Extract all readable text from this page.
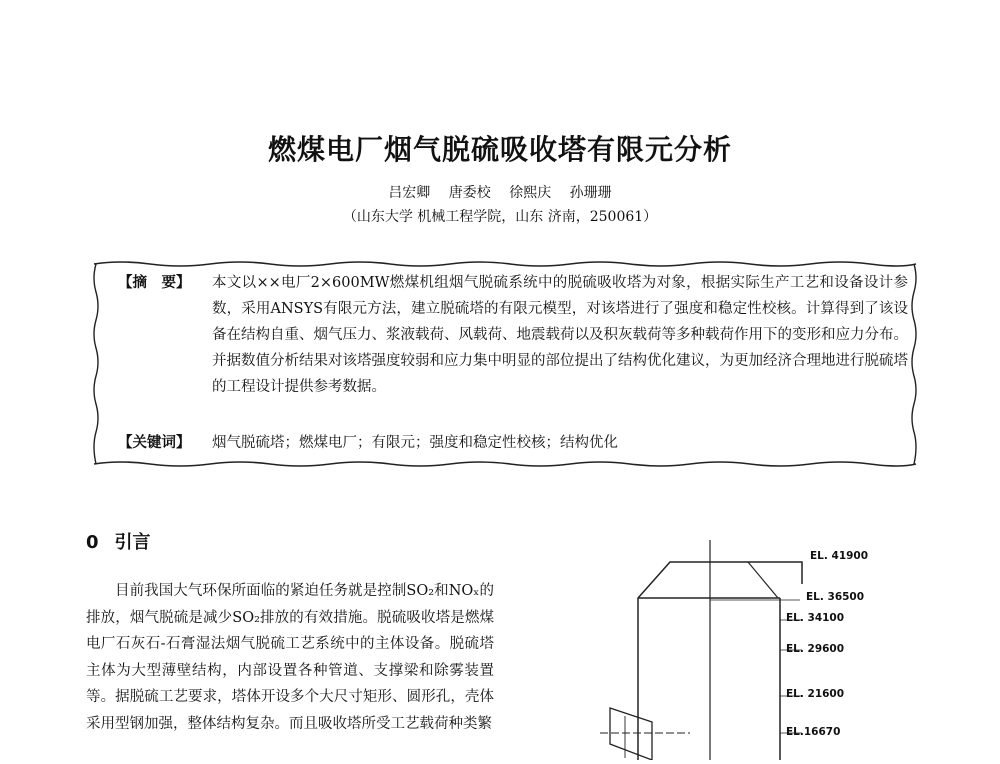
燃煤电厂烟气脱硫吸收塔有限元分析
吕宏卿 唐委校 徐熙庆 孙珊珊
（山东大学 机械工程学院，山东 济南，250061）
【摘　要】	本文以××电厂2×600MW燃煤机组烟气脱硫系统中的脱硫吸收塔为对象，根据实际生产工艺和设备设计参数，采用ANSYS有限元方法，建立脱硫塔的有限元模型，对该塔进行了强度和稳定性校核。计算得到了该设备在结构自重、烟气压力、浆液载荷、风载荷、地震载荷以及积灰载荷等多种载荷作用下的变形和应力分布。并据数值分析结果对该塔强度较弱和应力集中明显的部位提出了结构优化建议，为更加经济合理地进行脱硫塔的工程设计提供参考数据。
【关键词】	烟气脱硫塔；燃煤电厂；有限元；强度和稳定性校核；结构优化
0 引言

目前我国大气环保所面临的紧迫任务就是控制SO₂和NOₓ的排放，烟气脱硫是减少SO₂排放的有效措施。脱硫吸收塔是燃煤电厂石灰石-石膏湿法烟气脱硫工艺系统中的主体设备。脱硫塔主体为大型薄壁结构，内部设置各种管道、支撑梁和除雾装置等。据脱硫工艺要求，塔体开设多个大尺寸矩形、圆形孔，壳体采用型钢加强，整体结构复杂。而且吸收塔所受工艺载荷种类繁

EL. 41900
EL. 36500
EL. 34100
EL. 29600
EL. 21600
EL.16670
